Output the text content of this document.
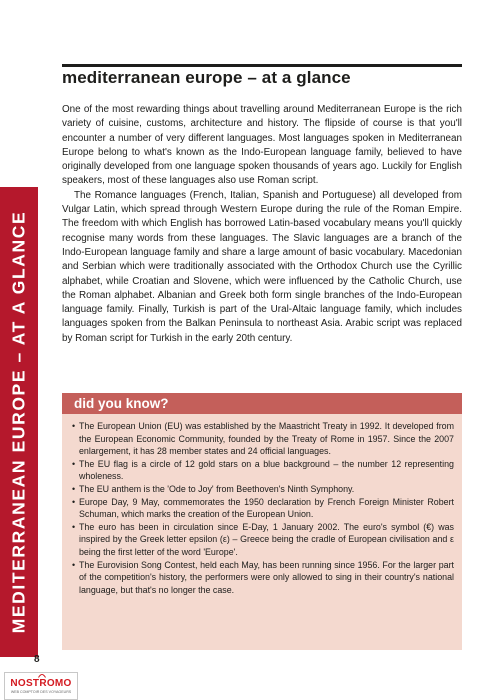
mediterranean europe – at a glance
MEDITERRANEAN EUROPE – AT A GLANCE

One of the most rewarding things about travelling around Mediterranean Europe is the rich variety of cuisine, customs, architecture and history. The flipside of course is that you'll encounter a number of very different languages. Most languages spoken in Mediterranean Europe belong to what's known as the Indo-European language family, believed to have originally developed from one language spoken thousands of years ago. Luckily for English speakers, most of these languages also use Roman script.

The Romance languages (French, Italian, Spanish and Portuguese) all developed from Vulgar Latin, which spread through Western Europe during the rule of the Roman Empire. The freedom with which English has borrowed Latin-based vocabulary means you'll quickly recognise many words from these languages. The Slavic languages are a branch of the Indo-European language family and share a large amount of basic vocabulary. Macedonian and Serbian which were traditionally associated with the Orthodox Church use the Cyrillic alphabet, while Croatian and Slovene, which were influenced by the Catholic Church, use the Roman alphabet. Albanian and Greek both form single branches of the Indo-European language family. Finally, Turkish is part of the Ural-Altaic language family, which includes languages spoken from the Balkan Peninsula to northeast Asia. Arabic script was replaced by Roman script for Turkish in the early 20th century.

did you know?
• The European Union (EU) was established by the Maastricht Treaty in 1992. It developed from the European Economic Community, founded by the Treaty of Rome in 1957. Since the 2007 enlargement, it has 28 member states and 24 official languages.
• The EU flag is a circle of 12 gold stars on a blue background – the number 12 representing wholeness.
• The EU anthem is the 'Ode to Joy' from Beethoven's Ninth Symphony.
• Europe Day, 9 May, commemorates the 1950 declaration by French Foreign Minister Robert Schuman, which marks the creation of the European Union.
• The euro has been in circulation since E-Day, 1 January 2002. The euro's symbol (€) was inspired by the Greek letter epsilon (ε) – Greece being the cradle of European civilisation and ε being the first letter of the word 'Europe'.
• The Eurovision Song Contest, held each May, has been running since 1956. For the larger part of the competition's history, the performers were only allowed to sing in their country's national language, but that's no longer the case.
8
NOSTROMO
WEB COMPTOIR DES VOYAGEURS
